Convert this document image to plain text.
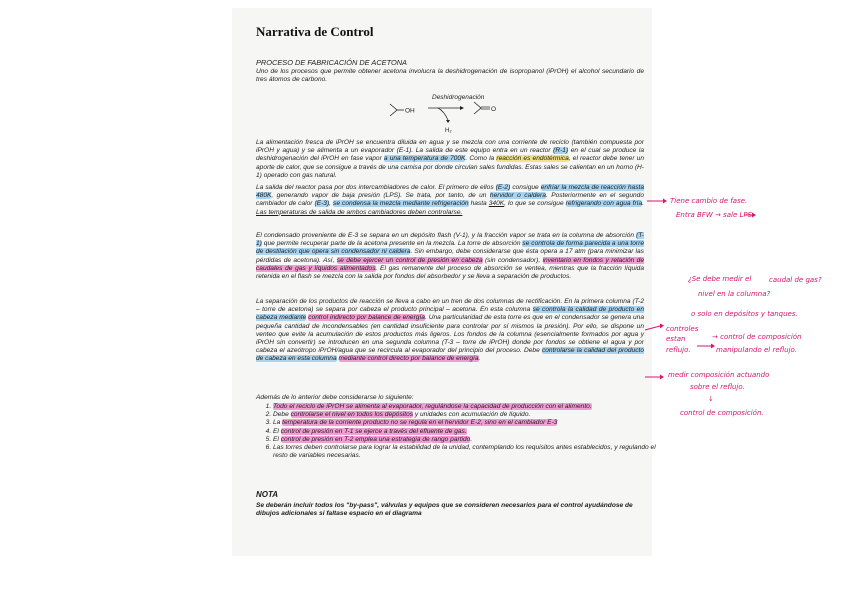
Narrativa de Control
PROCESO DE FABRICACIÓN DE ACETONA

Uno de los procesos que permite obtener acetona involucra la deshidrogenación de isopropanol (iPrOH) el alcohol secundario de tres átomos de carbono.

Deshidrogenación
OH
H₂
O

La alimentación fresca de iPrOH se encuentra diluida en agua y se mezcla con una corriente de reciclo (también compuesta por iPrOH y agua) y se alimenta a un evaporador (E-1). La salida de este equipo entra en un reactor (R-1) en el cual se produce la deshidrogenación del iPrOH en fase vapor a una temperatura de 700K. Como la reacción es endotérmica, el reactor debe tener un aporte de calor, que se consigue a través de una camisa por donde circulan sales fundidas. Estas sales se calientan en un horno (H-1) operado con gas natural.

La salida del reactor pasa por dos intercambiadores de calor. El primero de ellos (E-2) consigue enfriar la mezcla de reacción hasta 480K, generando vapor de baja presión (LPS). Se trata, por tanto, de un hervidor o caldera. Posteriormente en el segundo cambiador de calor (E-3), se condensa la mezcla mediante refrigeración hasta 340K, lo que se consigue refrigerando con agua fría. Las temperaturas de salida de ambos cambiadores deben controlarse.

El condensado proveniente de E-3 se separa en un depósito flash (V-1), y la fracción vapor se trata en la columna de absorción (T-1) que permite recuperar parte de la acetona presente en la mezcla. La torre de absorción se controla de forma parecida a una torre de destilación que opera sin condensador ni caldera. Sin embargo, debe considerarse que ésta opera a 17 atm (para minimizar las pérdidas de acetona). Así, se debe ejercer un control de presión en cabeza (sin condensador), inventario en fondos y relación de caudales de gas y líquidos alimentados. El gas remanente del proceso de absorción se ventea, mientras que la fracción líquida retenida en el flash se mezcla con la salida por fondos del absorbedor y se lleva a separación de productos.

La separación de los productos de reacción se lleva a cabo en un tren de dos columnas de rectificación. En la primera columna (T-2 – torre de acetona) se separa por cabeza el producto principal – acetona. En esta columna se controla la calidad de producto en cabeza mediante control indirecto por balance de energía. Una particularidad de esta torre es que en el condensador se genera una pequeña cantidad de incondensables (en cantidad insuficiente para controlar por sí mismos la presión). Por ello, se dispone un venteo que evite la acumulación de estos productos más ligeros. Los fondos de la columna (esencialmente formados por agua y iPrOH sin convertir) se introducen en una segunda columna (T-3 – torre de iPrOH) donde por fondos se obtiene el agua y por cabeza el azeótropo iPrOH/agua que se recircula al evaporador del principio del proceso. Debe controlarse la calidad del producto de cabeza en esta columna mediante control directo por balance de energía.

Además de lo anterior debe considerarse lo siguiente:

1. Todo el reciclo de iPrOH se alimenta al evaporador, regulándose la capacidad de producción con el alimento.
2. Debe controlarse el nivel en todos los depósitos y unidades con acumulación de líquido.
3. La temperatura de la corriente producto no se regula en el hervidor E-2, sino en el cambiador E-3
4. El control de presión en T-1 se ejerce a través del efluente de gas.
5. El control de presión en T-2 emplea una estrategia de rango partido.
6. Las torres deben controlarse para lograr la estabilidad de la unidad, contemplando los requisitos antes establecidos, y regulando el resto de variables necesarias.
NOTA

Se deberán incluir todos los "by-pass", válvulas y equipos que se consideren necesarios para el control ayudándose de dibujos adicionales si faltase espacio en el diagrama

Tiene cambio de fase.
Entra BFW → sale LPS
¿Se debe medir el	caudal de gas?
nivel en la columna?
o solo en depósitos y tanques.
controles
estan
reflujo.
→ control de composición
manipulando el reflujo.
medir composición actuando
sobre el reflujo.
↓
control de composición.
